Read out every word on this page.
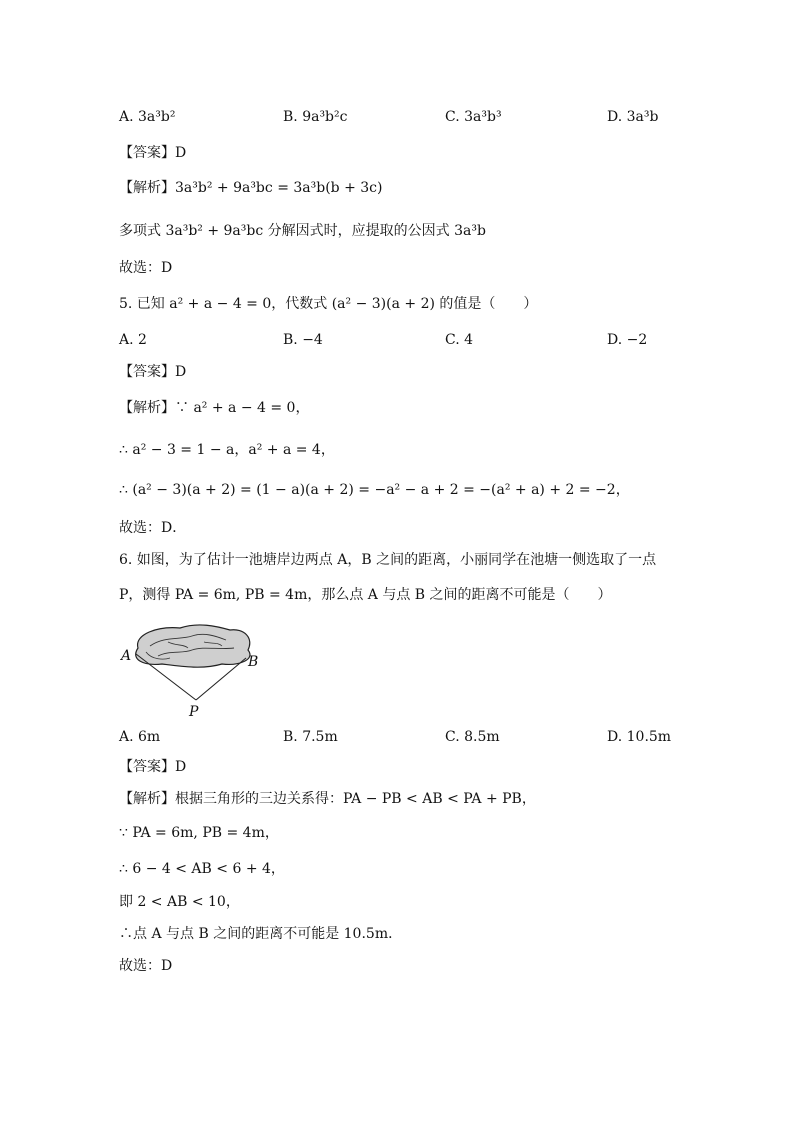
A. 3a³b²	B. 9a³b²c	C. 3a³b³	D. 3a³b
【答案】D
【解析】3a³b² + 9a³bc = 3a³b(b + 3c)
多项式 3a³b² + 9a³bc 分解因式时，应提取的公因式 3a³b
故选：D
5. 已知 a² + a − 4 = 0，代数式 (a² − 3)(a + 2) 的值是（　　）
A. 2	B. −4	C. 4	D. −2
【答案】D
【解析】∵ a² + a − 4 = 0，
∴ a² − 3 = 1 − a，a² + a = 4，
∴ (a² − 3)(a + 2) = (1 − a)(a + 2) = −a² − a + 2 = −(a² + a) + 2 = −2，
故选：D．
6. 如图，为了估计一池塘岸边两点 A，B 之间的距离，小丽同学在池塘一侧选取了一点
P，测得 PA = 6m, PB = 4m，那么点 A 与点 B 之间的距离不可能是（　　）
A	B
P
A. 6m	B. 7.5m	C. 8.5m	D. 10.5m
【答案】D
【解析】根据三角形的三边关系得：PA − PB < AB < PA + PB，
∵ PA = 6m, PB = 4m，
∴ 6 − 4 < AB < 6 + 4，
即 2 < AB < 10，
∴点 A 与点 B 之间的距离不可能是 10.5m．
故选：D
